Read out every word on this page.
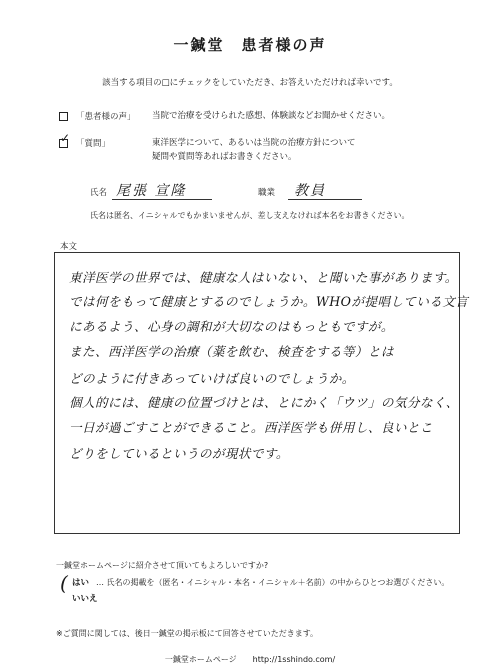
一鍼堂　患者様の声
該当する項目の□にチェックをしていただき、お答えいただければ幸いです。
「患者様の声」 当院で治療を受けられた感想、体験談などお聞かせください。
✓ 「質問」	東洋医学について、あるいは当院の治療方針について
疑問や質問等あればお書きください。
氏名 尾張 宣隆	職業 教員
氏名は匿名、イニシャルでもかまいませんが、差し支えなければ本名をお書きください。
本文
東洋医学の世界では、健康な人はいない、と聞いた事があります。
では何をもって健康とするのでしょうか。WHOが提唱している文言
にあるよう、心身の調和が大切なのはもっともですが。
また、西洋医学の治療（薬を飲む、検査をする等）とは
どのように付きあっていけば良いのでしょうか。
個人的には、健康の位置づけとは、とにかく「ウツ」の気分なく、
一日が過ごすことができること。西洋医学も併用し、良いとこ
どりをしているというのが現状です。
一鍼堂ホームページに紹介させて頂いてもよろしいですか?
( はい … 氏名の掲載を（匿名・イニシャル・本名・イニシャル＋名前）の中からひとつお選びください。
いいえ
※ご質問に関しては、後日一鍼堂の掲示板にて回答させていただきます。
一鍼堂ホームページ　　http://1sshindo.com/
